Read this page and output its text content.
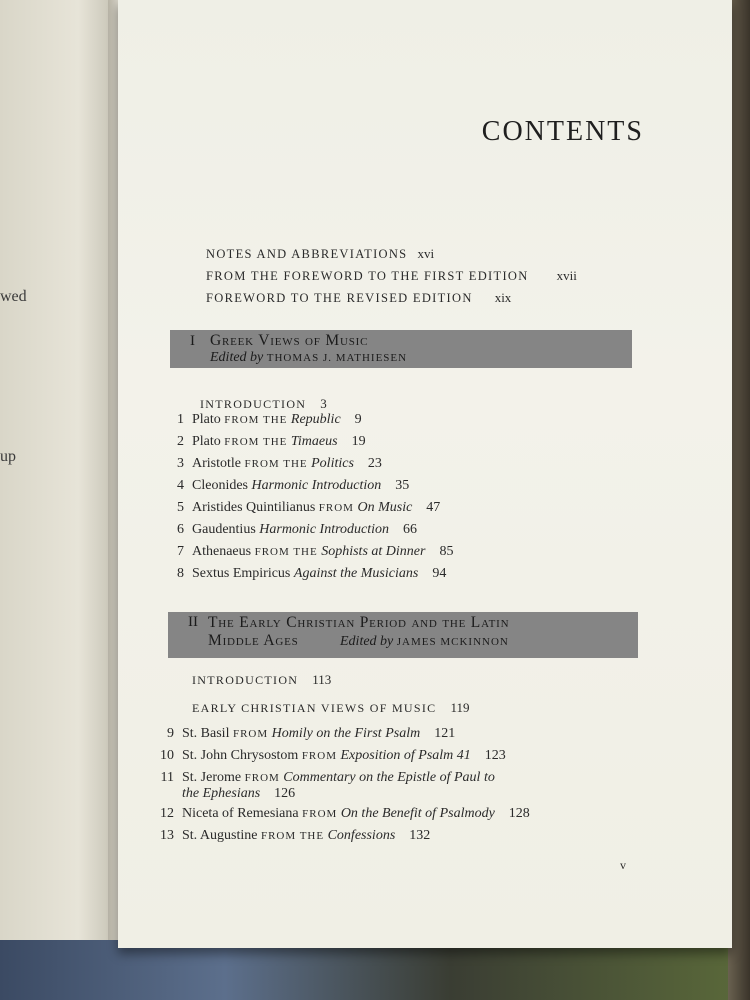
wed
up
CONTENTS
NOTES AND ABBREVIATIONS xvi
FROM THE FOREWORD TO THE FIRST EDITION xvii
FOREWORD TO THE REVISED EDITION xix
I Greek Views of Music
Edited by THOMAS J. MATHIESEN
INTRODUCTION 3
1 Plato FROM THE Republic 9
2 Plato FROM THE Timaeus 19
3 Aristotle FROM THE Politics 23
4 Cleonides Harmonic Introduction 35
5 Aristides Quintilianus FROM On Music 47
6 Gaudentius Harmonic Introduction 66
7 Athenaeus FROM THE Sophists at Dinner 85
8 Sextus Empiricus Against the Musicians 94
II The Early Christian Period and the Latin
Middle Ages	Edited by JAMES MCKINNON
INTRODUCTION 113
EARLY CHRISTIAN VIEWS OF MUSIC 119
9 St. Basil FROM Homily on the First Psalm 121
10 St. John Chrysostom FROM Exposition of Psalm 41 123
11 St. Jerome FROM Commentary on the Epistle of Paul to
the Ephesians 126
12 Niceta of Remesiana FROM On the Benefit of Psalmody 128
13 St. Augustine FROM THE Confessions 132
v
